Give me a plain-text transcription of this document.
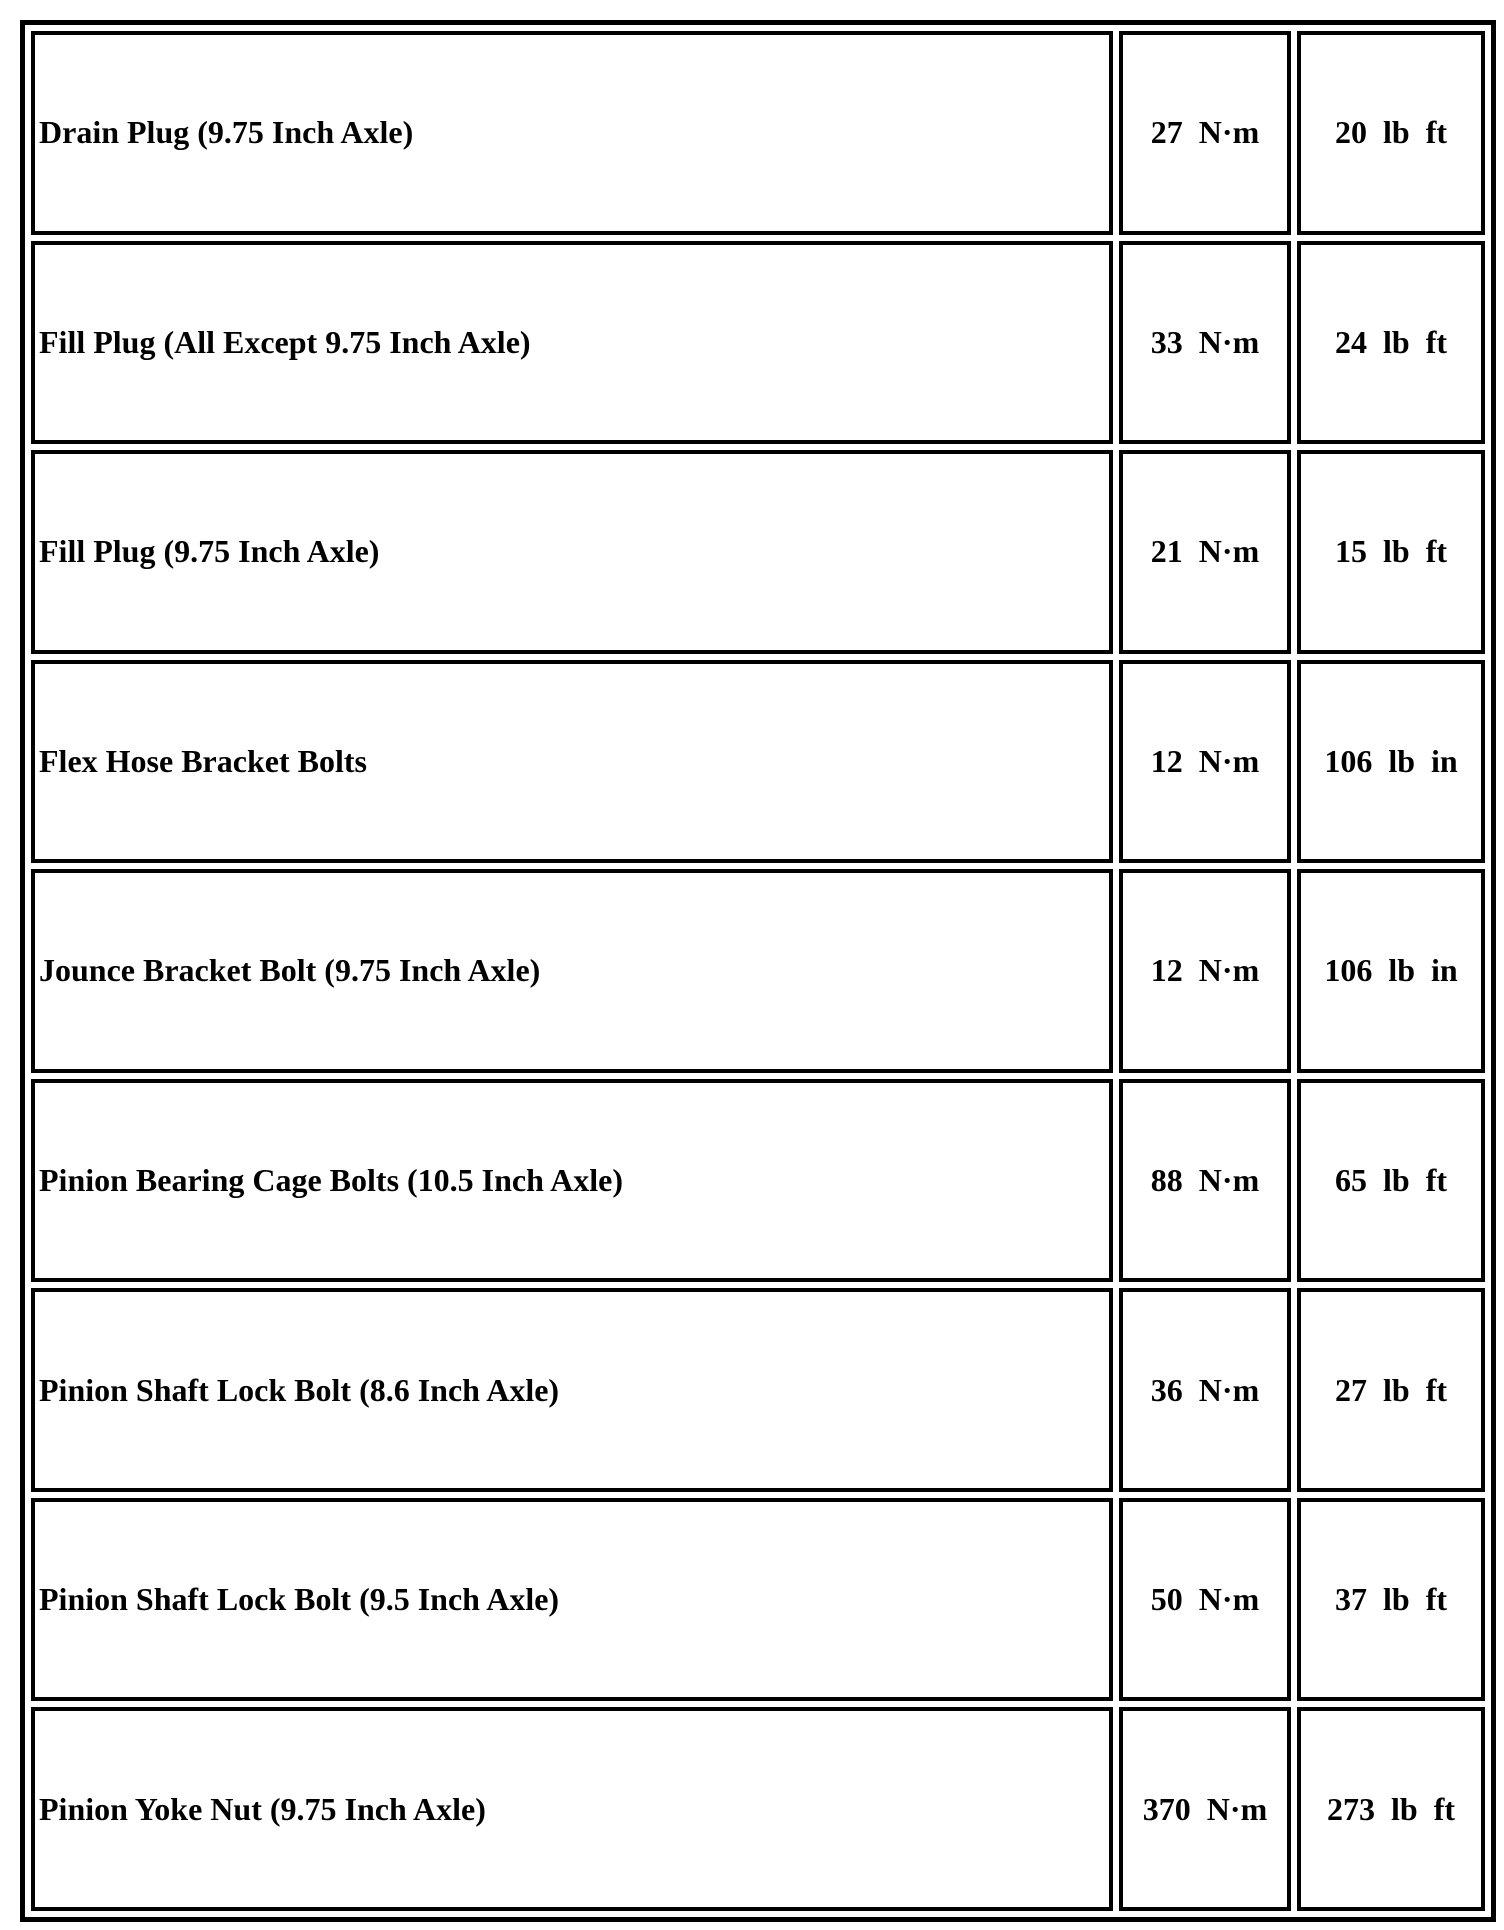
Drain Plug (9.75 Inch Axle)	27 N·m	20 lb ft
Fill Plug (All Except 9.75 Inch Axle)	33 N·m	24 lb ft
Fill Plug (9.75 Inch Axle)	21 N·m	15 lb ft
Flex Hose Bracket Bolts	12 N·m	106 lb in
Jounce Bracket Bolt (9.75 Inch Axle)	12 N·m	106 lb in
Pinion Bearing Cage Bolts (10.5 Inch Axle)	88 N·m	65 lb ft
Pinion Shaft Lock Bolt (8.6 Inch Axle)	36 N·m	27 lb ft
Pinion Shaft Lock Bolt (9.5 Inch Axle)	50 N·m	37 lb ft
Pinion Yoke Nut (9.75 Inch Axle)	370 N·m	273 lb ft
